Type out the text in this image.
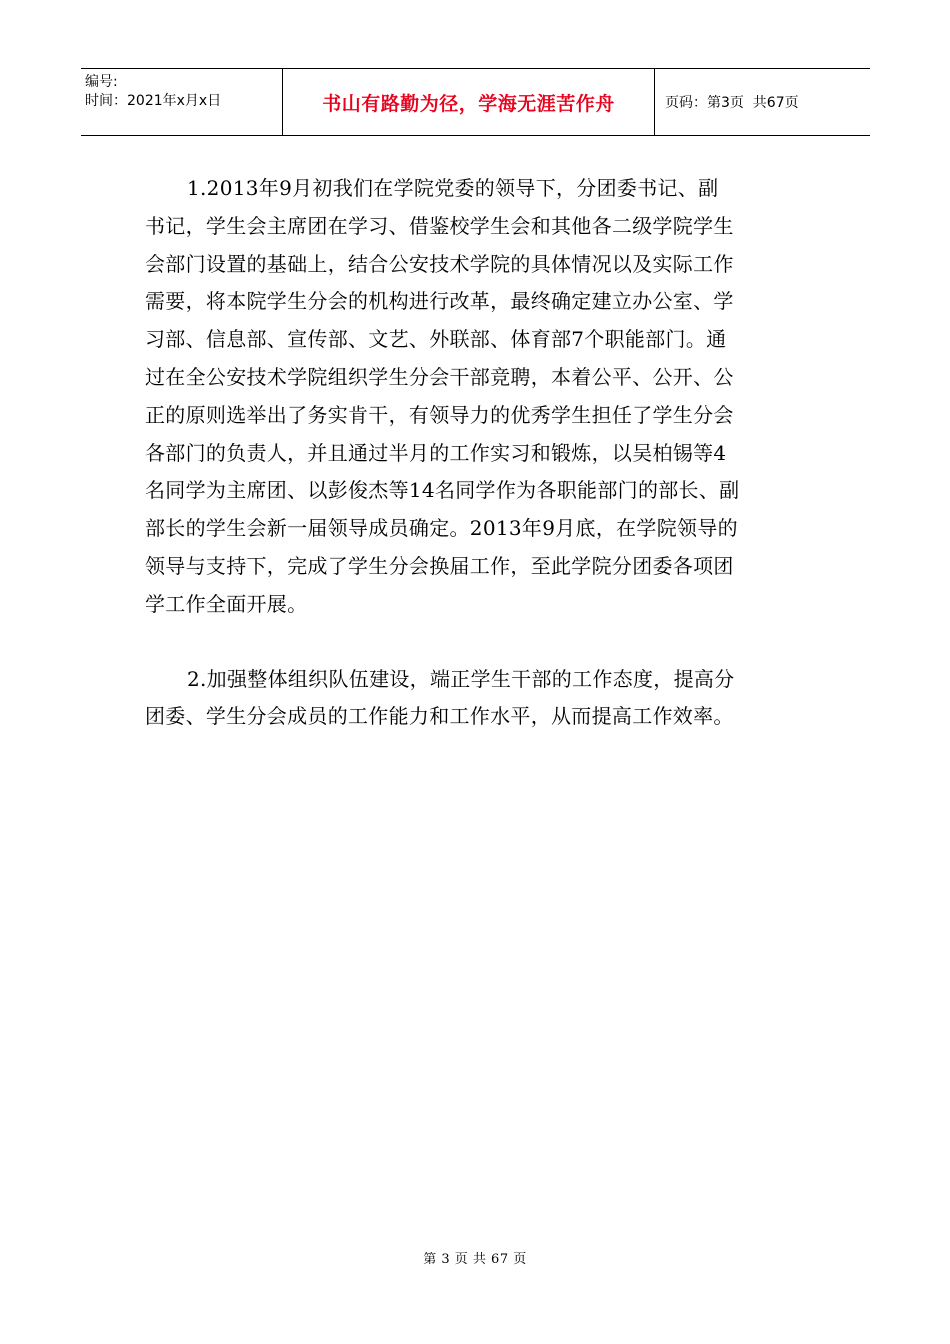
编号:
时间：2021年x月x日	书山有路勤为径，学海无涯苦作舟	页码：第3页  共67页

1.2013年9月初我们在学院党委的领导下，分团委书记、副
书记，学生会主席团在学习、借鉴校学生会和其他各二级学院学生
会部门设置的基础上，结合公安技术学院的具体情况以及实际工作
需要，将本院学生分会的机构进行改革，最终确定建立办公室、学
习部、信息部、宣传部、文艺、外联部、体育部7个职能部门。通
过在全公安技术学院组织学生分会干部竞聘，本着公平、公开、公
正的原则选举出了务实肯干，有领导力的优秀学生担任了学生分会
各部门的负责人，并且通过半月的工作实习和锻炼，以吴柏锡等4
名同学为主席团、以彭俊杰等14名同学作为各职能部门的部长、副
部长的学生会新一届领导成员确定。2013年9月底，在学院领导的
领导与支持下，完成了学生分会换届工作，至此学院分团委各项团
学工作全面开展。

2.加强整体组织队伍建设，端正学生干部的工作态度，提高分
团委、学生分会成员的工作能力和工作水平，从而提高工作效率。

第 3 页 共 67 页
